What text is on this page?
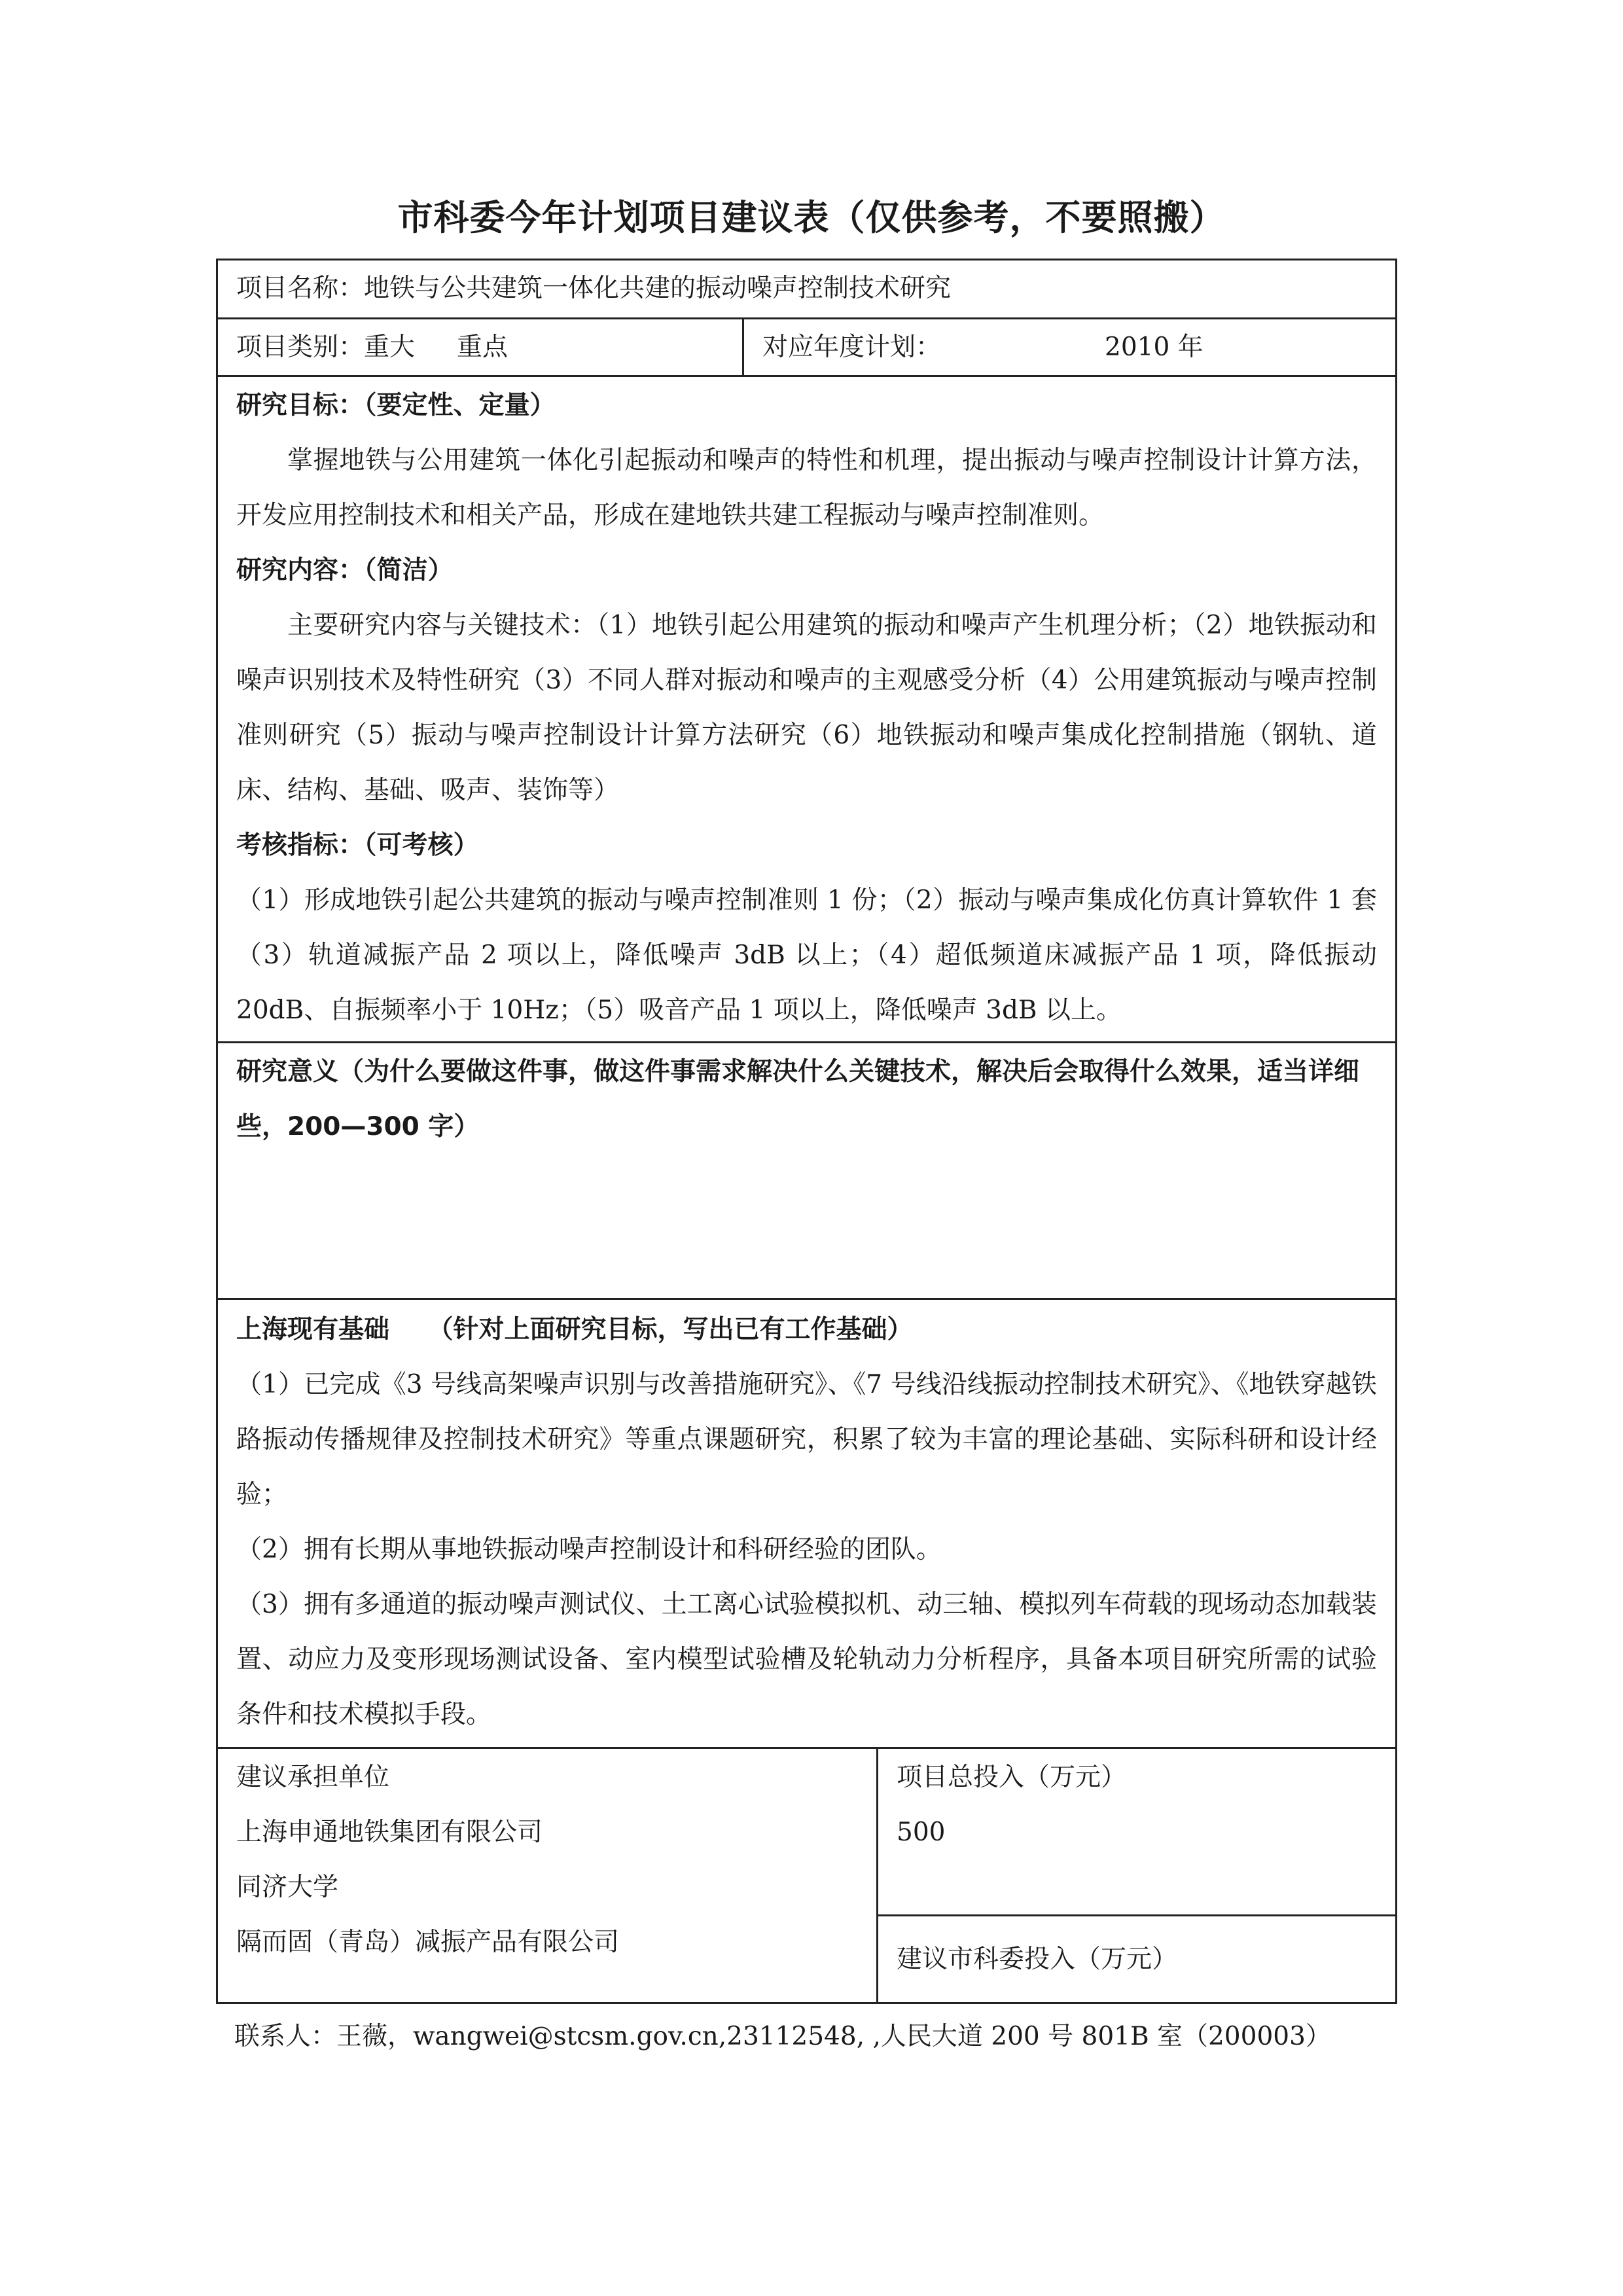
市科委今年计划项目建议表（仅供参考，不要照搬）
项目名称：地铁与公共建筑一体化共建的振动噪声控制技术研究
项目类别：重大 重点	对应年度计划：	2010 年
研究目标：（要定性、定量）
掌握地铁与公用建筑一体化引起振动和噪声的特性和机理，提出振动与噪声控制设计计算方法，开发应用控制技术和相关产品，形成在建地铁共建工程振动与噪声控制准则。
研究内容：（简洁）
主要研究内容与关键技术：（1）地铁引起公用建筑的振动和噪声产生机理分析；（2）地铁振动和噪声识别技术及特性研究（3）不同人群对振动和噪声的主观感受分析（4）公用建筑振动与噪声控制准则研究（5）振动与噪声控制设计计算方法研究（6）地铁振动和噪声集成化控制措施（钢轨、道床、结构、基础、吸声、装饰等）
考核指标：（可考核）
（1）形成地铁引起公共建筑的振动与噪声控制准则 1 份；（2）振动与噪声集成化仿真计算软件 1 套（3）轨道减振产品 2 项以上，降低噪声 3dB 以上；（4）超低频道床减振产品 1 项，降低振动 20dB、自振频率小于 10Hz；（5）吸音产品 1 项以上，降低噪声 3dB 以上。
研究意义（为什么要做这件事，做这件事需求解决什么关键技术，解决后会取得什么效果，适当详细些，200—300 字）
上海现有基础　　（针对上面研究目标，写出已有工作基础）
（1）已完成《3 号线高架噪声识别与改善措施研究》、《7 号线沿线振动控制技术研究》、《地铁穿越铁路振动传播规律及控制技术研究》等重点课题研究，积累了较为丰富的理论基础、实际科研和设计经验；
（2）拥有长期从事地铁振动噪声控制设计和科研经验的团队。
（3）拥有多通道的振动噪声测试仪、土工离心试验模拟机、动三轴、模拟列车荷载的现场动态加载装置、动应力及变形现场测试设备、室内模型试验槽及轮轨动力分析程序，具备本项目研究所需的试验条件和技术模拟手段。
建议承担单位
上海申通地铁集团有限公司
同济大学
隔而固（青岛）减振产品有限公司
项目总投入（万元）
500
建议市科委投入（万元）
联系人：王薇，wangwei@stcsm.gov.cn,23112548, ,人民大道 200 号 801B 室（200003）
